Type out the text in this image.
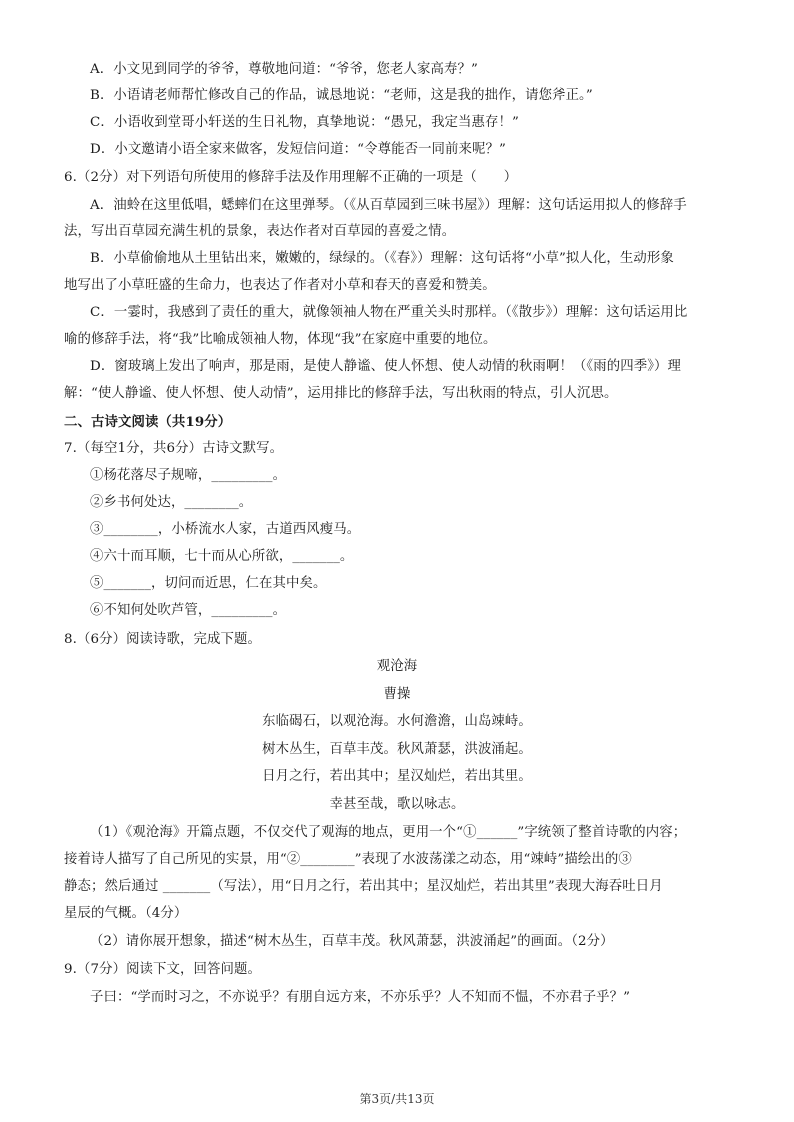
A．小文见到同学的爷爷，尊敬地问道：“爷爷，您老人家高寿？”
B．小语请老师帮忙修改自己的作品，诚恳地说：“老师，这是我的拙作，请您斧正。”
C．小语收到堂哥小轩送的生日礼物，真挚地说：“愚兄，我定当惠存！”
D．小文邀请小语全家来做客，发短信问道：“令尊能否一同前来呢？”
6.（2分）对下列语句所使用的修辞手法及作用理解不正确的一项是（　　）
A．油蛉在这里低唱，蟋蟀们在这里弹琴。（《从百草园到三味书屋》）理解：这句话运用拟人的修辞手
法，写出百草园充满生机的景象，表达作者对百草园的喜爱之情。
B．小草偷偷地从土里钻出来，嫩嫩的，绿绿的。（《春》）理解：这句话将“小草”拟人化，生动形象
地写出了小草旺盛的生命力，也表达了作者对小草和春天的喜爱和赞美。
C．一霎时，我感到了责任的重大，就像领袖人物在严重关头时那样。（《散步》）理解：这句话运用比
喻的修辞手法，将“我”比喻成领袖人物，体现“我”在家庭中重要的地位。
D．窗玻璃上发出了响声，那是雨，是使人静谧、使人怀想、使人动情的秋雨啊！（《雨的四季》）理
解：“使人静谧、使人怀想、使人动情”，运用排比的修辞手法，写出秋雨的特点，引人沉思。
二、古诗文阅读（共19分）
7.（每空1分，共6分）古诗文默写。
①杨花落尽子规啼，_________。
②乡书何处达，________。
③________，小桥流水人家，古道西风瘦马。
④六十而耳顺，七十而从心所欲，_______。
⑤_______，切问而近思，仁在其中矣。
⑥不知何处吹芦管，_________。
8.（6分）阅读诗歌，完成下题。
观沧海
曹操
东临碣石，以观沧海。水何澹澹，山岛竦峙。
树木丛生，百草丰茂。秋风萧瑟，洪波涌起。
日月之行，若出其中；星汉灿烂，若出其里。
幸甚至哉，歌以咏志。
（1）《观沧海》开篇点题，不仅交代了观海的地点，更用一个“①______”字统领了整首诗歌的内容；
接着诗人描写了自己所见的实景，用“②________”表现了水波荡漾之动态，用“竦峙”描绘出的③
静态；然后通过 _______（写法），用“日月之行，若出其中；星汉灿烂，若出其里”表现大海吞吐日月
星辰的气概。（4分）
（2）请你展开想象，描述“树木丛生，百草丰茂。秋风萧瑟，洪波涌起”的画面。（2分）
9.（7分）阅读下文，回答问题。
子曰：“学而时习之，不亦说乎？有朋自远方来，不亦乐乎？人不知而不愠，不亦君子乎？”
第3页/共13页
